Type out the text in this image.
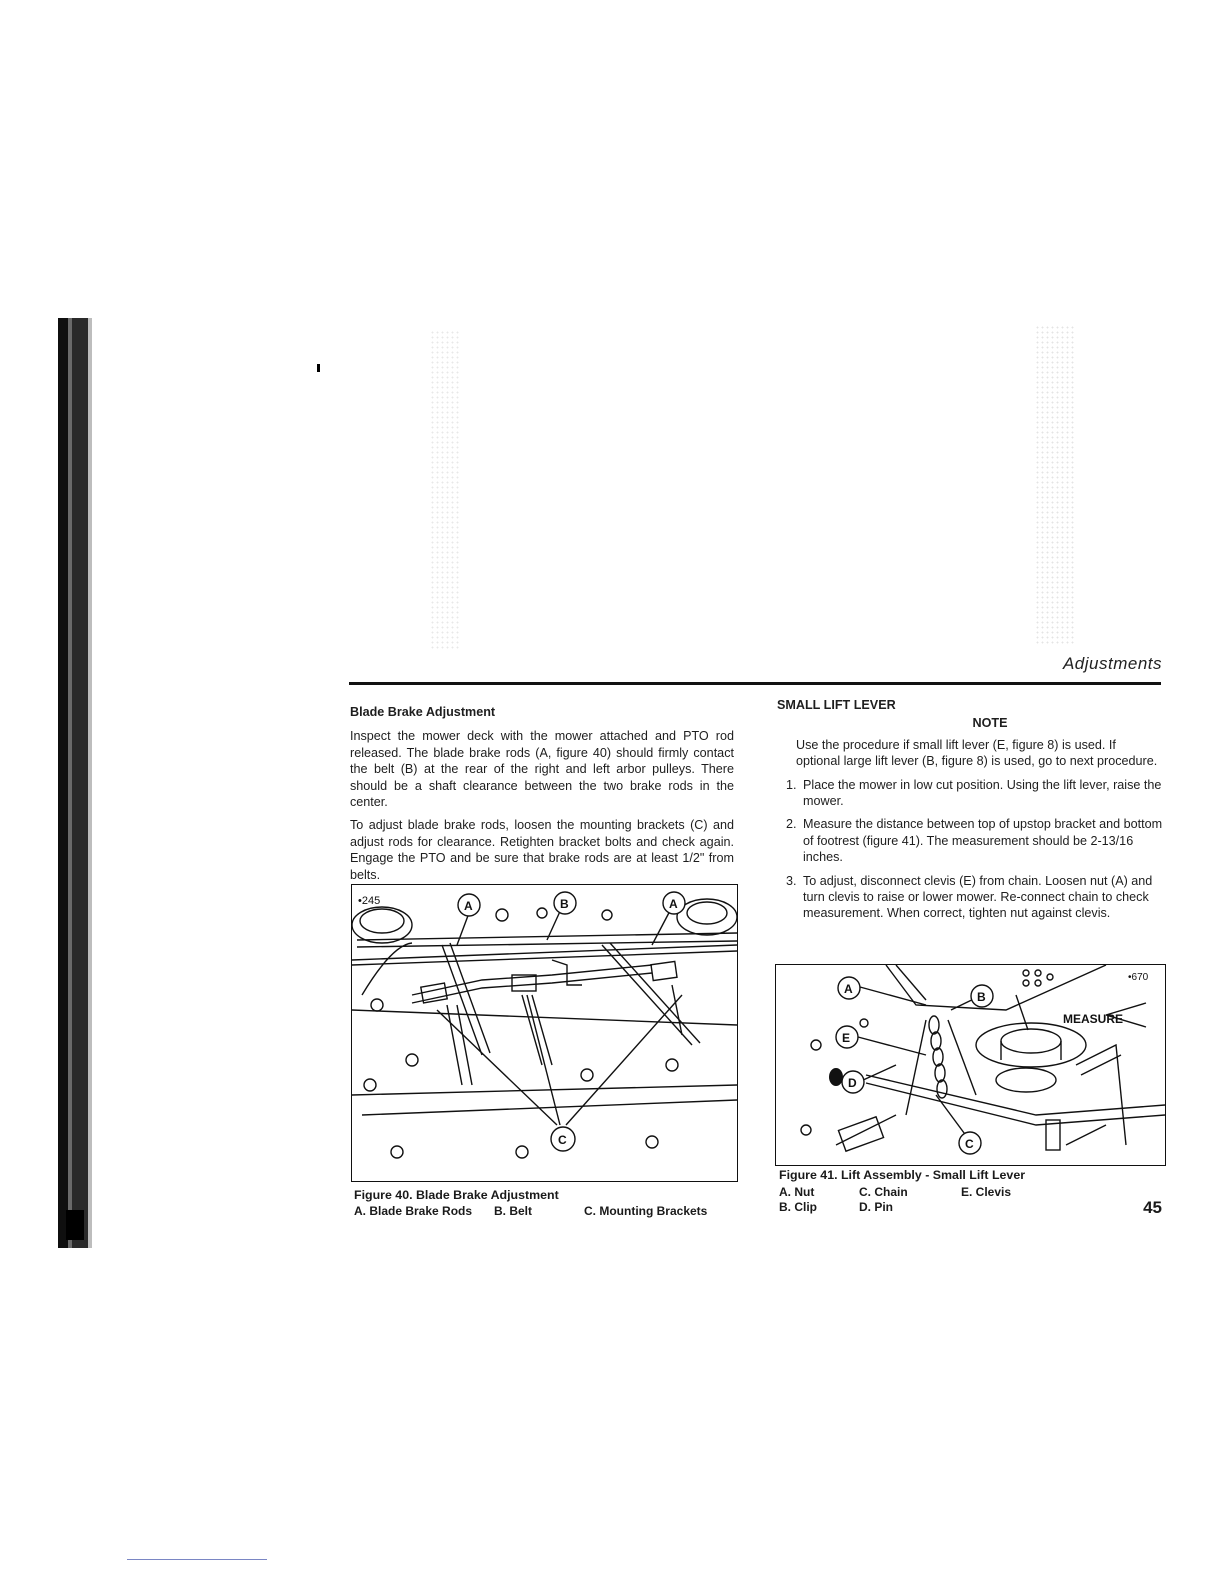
Adjustments
Blade Brake Adjustment

Inspect the mower deck with the mower attached and PTO rod released. The blade brake rods (A, figure 40) should firmly contact the belt (B) at the rear of the right and left arbor pulleys. There should be a shaft clearance between the two brake rods in the center.

To adjust blade brake rods, loosen the mounting brackets (C) and adjust rods for clearance. Retighten bracket bolts and check again. Engage the PTO and be sure that brake rods are at least 1/2" from belts.

•245	A	B	A
C
Figure 40. Blade Brake Adjustment
A. Blade Brake Rods	B. Belt	C. Mounting Brackets
SMALL LIFT LEVER
NOTE

Use the procedure if small lift lever (E, figure 8) is used. If optional large lift lever (B, figure 8) is used, go to next procedure.

1. Place the mower in low cut position. Using the lift lever, raise the mower.
2. Measure the distance between top of upstop bracket and bottom of footrest (figure 41). The measurement should be 2-13/16 inches.
3. To adjust, disconnect clevis (E) from chain. Loosen nut (A) and turn clevis to raise or lower mower. Re-connect chain to check measurement. When correct, tighten nut against clevis.
•670
MEASURE
A
B
E
D
C
Figure 41. Lift Assembly - Small Lift Lever
A. Nut	C. Chain	E. Clevis
B. Clip	D. Pin	45
